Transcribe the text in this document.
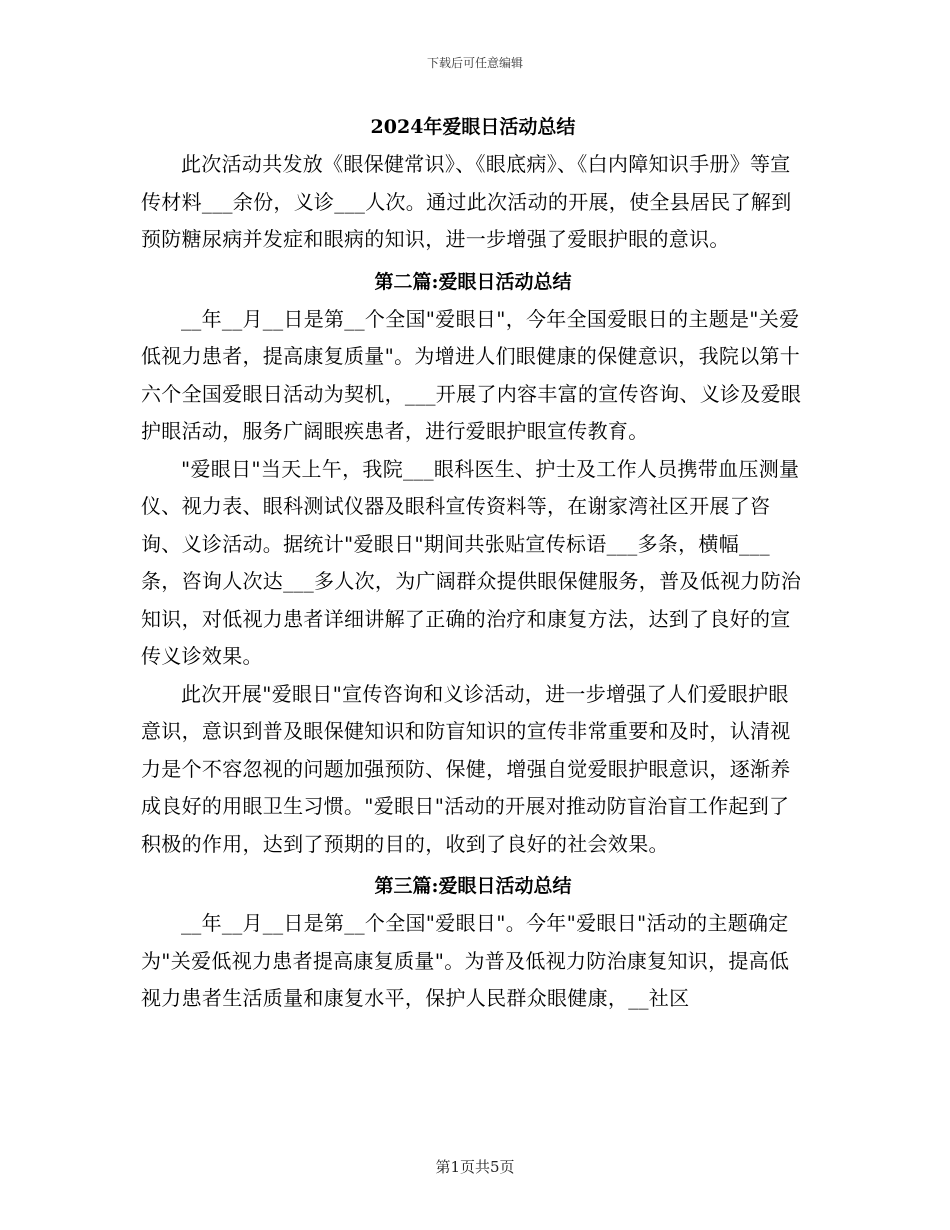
下载后可任意编辑
2024年爱眼日活动总结

此次活动共发放《眼保健常识》、《眼底病》、《白内障知识手册》等宣传材料___余份，义诊___人次。通过此次活动的开展，使全县居民了解到预防糖尿病并发症和眼病的知识，进一步增强了爱眼护眼的意识。

第二篇:爱眼日活动总结

__年__月__日是第__个全国"爱眼日"，今年全国爱眼日的主题是"关爱低视力患者，提高康复质量"。为增进人们眼健康的保健意识，我院以第十六个全国爱眼日活动为契机，___开展了内容丰富的宣传咨询、义诊及爱眼护眼活动，服务广阔眼疾患者，进行爱眼护眼宣传教育。

"爱眼日"当天上午，我院___眼科医生、护士及工作人员携带血压测量仪、视力表、眼科测试仪器及眼科宣传资料等，在谢家湾社区开展了咨询、义诊活动。据统计"爱眼日"期间共张贴宣传标语___多条，横幅___条，咨询人次达___多人次，为广阔群众提供眼保健服务，普及低视力防治知识，对低视力患者详细讲解了正确的治疗和康复方法，达到了良好的宣传义诊效果。

此次开展"爱眼日"宣传咨询和义诊活动，进一步增强了人们爱眼护眼意识，意识到普及眼保健知识和防盲知识的宣传非常重要和及时，认清视力是个不容忽视的问题加强预防、保健，增强自觉爱眼护眼意识，逐渐养成良好的用眼卫生习惯。"爱眼日"活动的开展对推动防盲治盲工作起到了积极的作用，达到了预期的目的，收到了良好的社会效果。

第三篇:爱眼日活动总结

__年__月__日是第__个全国"爱眼日"。今年"爱眼日"活动的主题确定为"关爱低视力患者提高康复质量"。为普及低视力防治康复知识，提高低视力患者生活质量和康复水平，保护人民群众眼健康，__社区

第1页共5页
